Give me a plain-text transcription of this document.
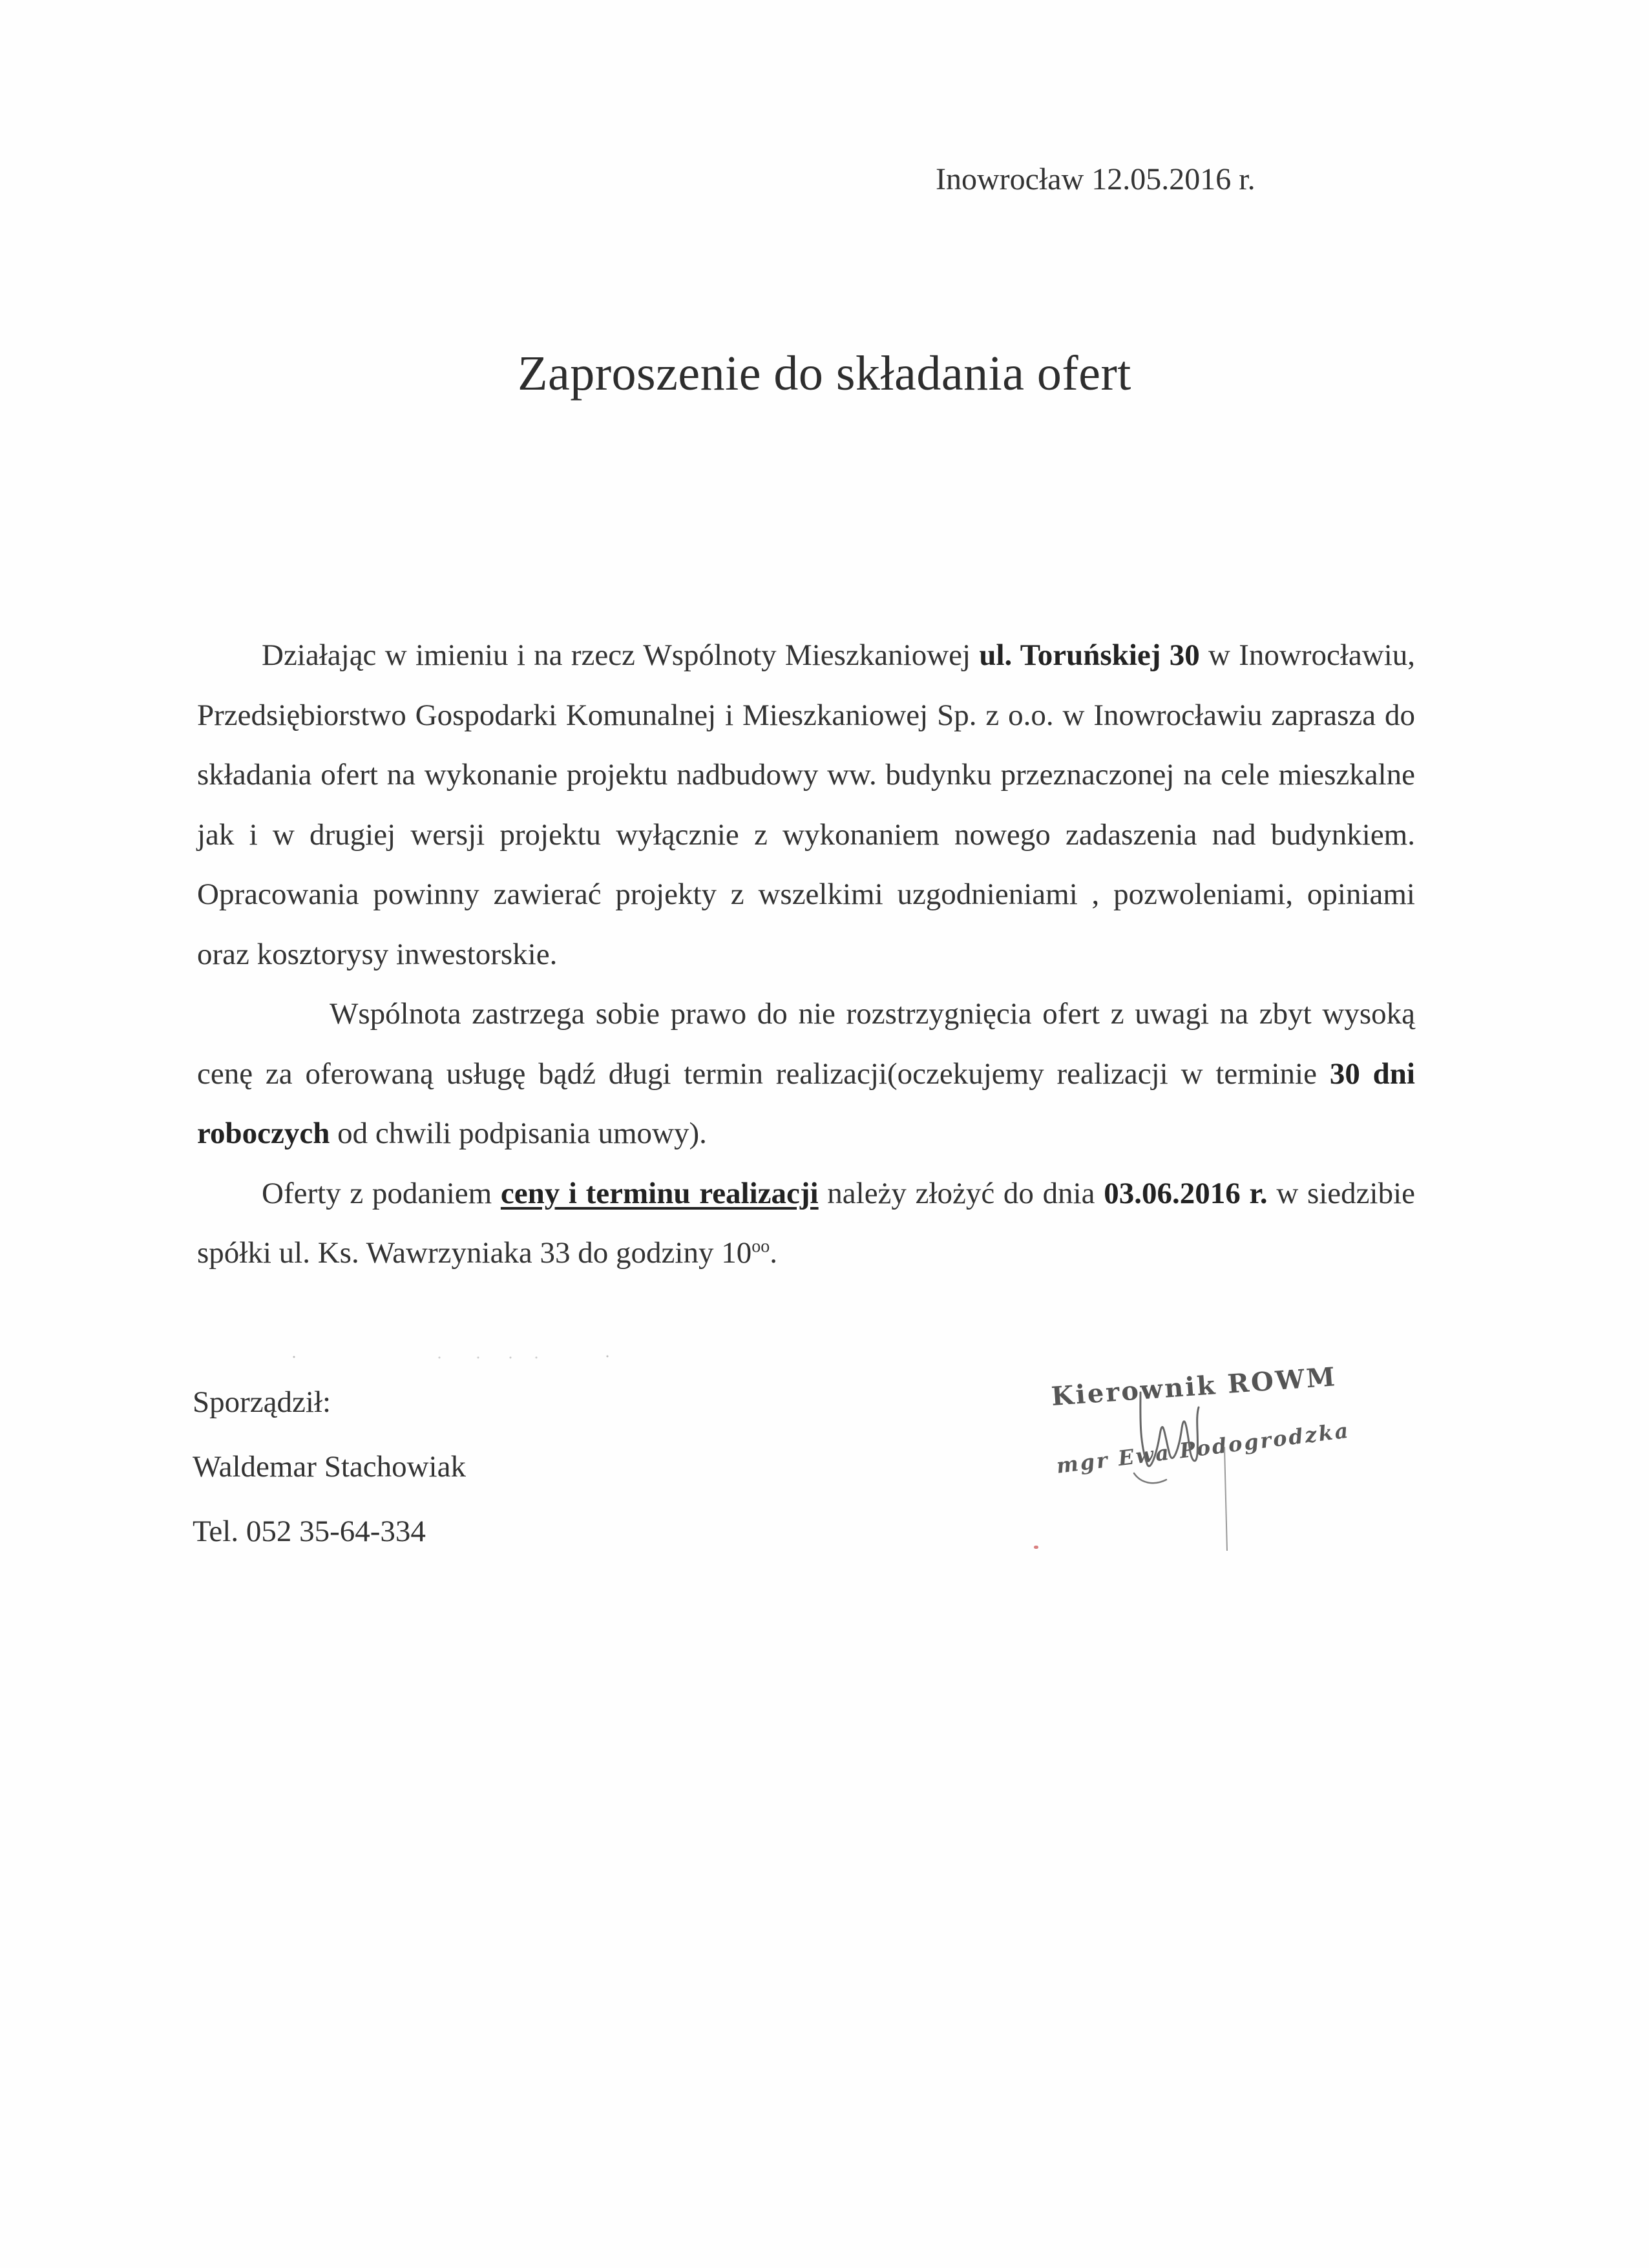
Inowrocław 12.05.2016 r.
Zaproszenie do składania ofert

Działając w imieniu i na rzecz Wspólnoty Mieszkaniowej ul. Toruńskiej 30 w Inowrocławiu, Przedsiębiorstwo Gospodarki Komunalnej i Mieszkaniowej Sp. z o.o. w Inowrocławiu zaprasza do składania ofert na wykonanie projektu nadbudowy ww. budynku przeznaczonej na cele mieszkalne jak i w drugiej wersji projektu wyłącznie z wykonaniem nowego zadaszenia nad budynkiem. Opracowania powinny zawierać projekty z wszelkimi uzgodnieniami , pozwoleniami, opiniami oraz kosztorysy inwestorskie.

Wspólnota zastrzega sobie prawo do nie rozstrzygnięcia ofert z uwagi na zbyt wysoką cenę za oferowaną usługę bądź długi termin realizacji(oczekujemy realizacji w terminie 30 dni roboczych od chwili podpisania umowy).

Oferty z podaniem ceny i terminu realizacji należy złożyć do dnia 03.06.2016 r. w siedzibie spółki ul. Ks. Wawrzyniaka 33 do godziny $10^{oo}$.

Sporządził:
Waldemar Stachowiak
Tel. 052 35-64-334
Kierownik ROWM
mgr Ewa Podogrodzka
